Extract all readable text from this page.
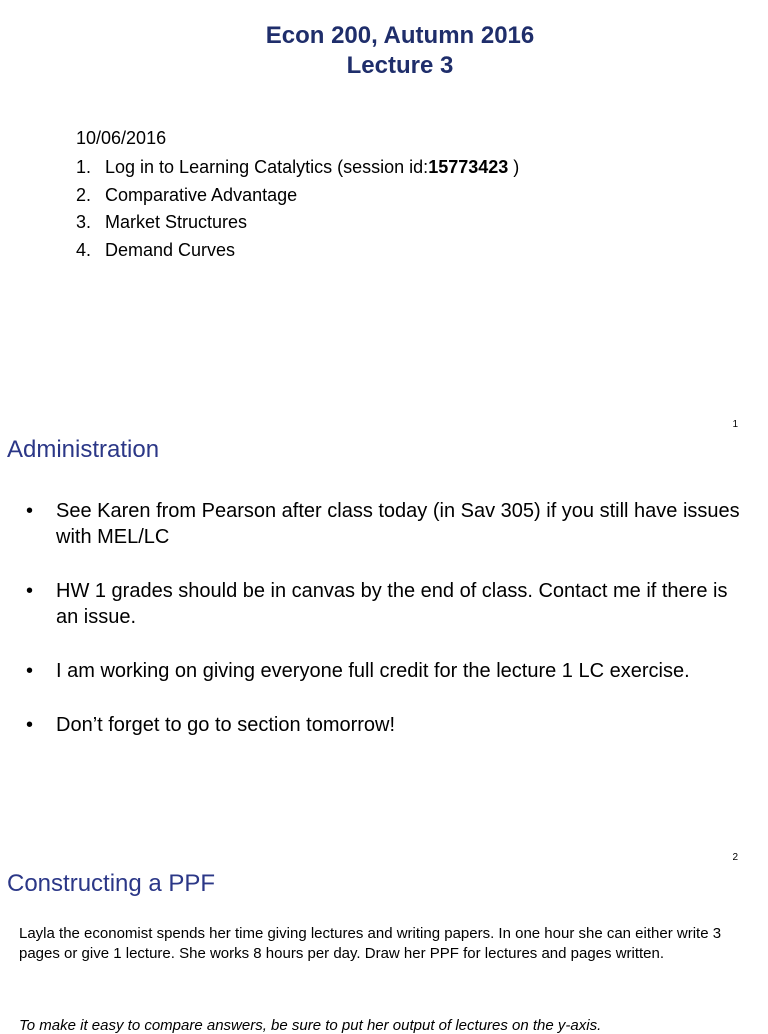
Econ 200, Autumn 2016
Lecture 3
10/06/2016
1. Log in to Learning Catalytics (session id:15773423 )
2. Comparative Advantage
3. Market Structures
4. Demand Curves
1
Administration
•	See Karen from Pearson after class today (in Sav 305) if you still have issues with MEL/LC
•	HW 1 grades should be in canvas by the end of class. Contact me if there is an issue.
•	I am working on giving everyone full credit for the lecture 1 LC exercise.
•	Don’t forget to go to section tomorrow!
2
Constructing a PPF
Layla the economist spends her time giving lectures and writing papers. In one hour she can either write 3 pages or give 1 lecture. She works 8 hours per day. Draw her PPF for lectures and pages written.
To make it easy to compare answers, be sure to put her output of lectures on the y-axis.
